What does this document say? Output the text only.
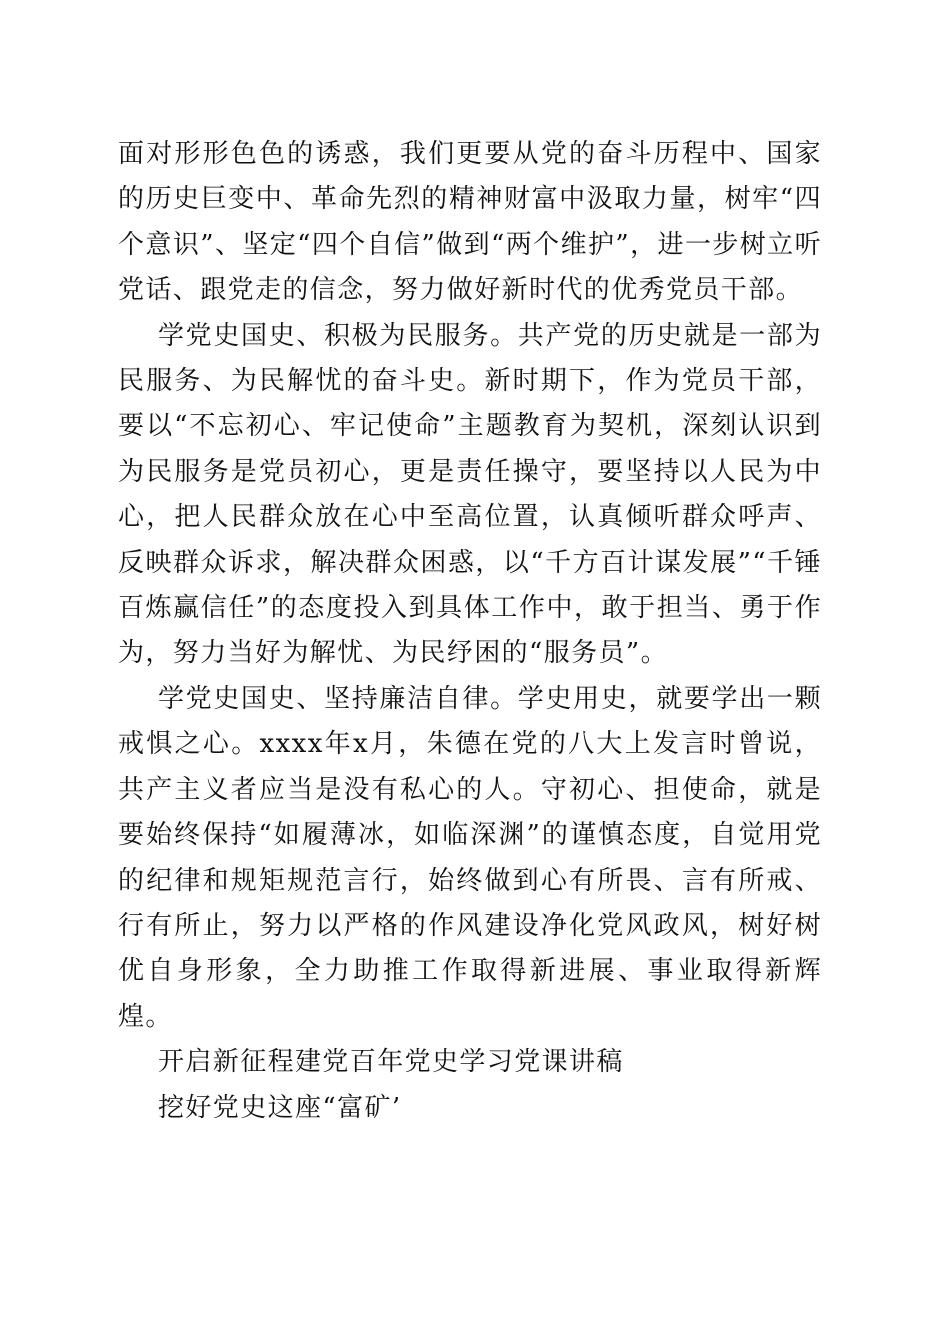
面对形形色色的诱惑，我们更要从党的奋斗历程中、国家的历史巨变中、革命先烈的精神财富中汲取力量，树牢“四个意识”、坚定“四个自信”做到“两个维护”，进一步树立听党话、跟党走的信念，努力做好新时代的优秀党员干部。

学党史国史、积极为民服务。共产党的历史就是一部为民服务、为民解忧的奋斗史。新时期下，作为党员干部，要以“不忘初心、牢记使命”主题教育为契机，深刻认识到为民服务是党员初心，更是责任操守，要坚持以人民为中心，把人民群众放在心中至高位置，认真倾听群众呼声、反映群众诉求，解决群众困惑，以“千方百计谋发展”“千锤百炼赢信任”的态度投入到具体工作中，敢于担当、勇于作为，努力当好为解忧、为民纾困的“服务员”。

学党史国史、坚持廉洁自律。学史用史，就要学出一颗戒惧之心。xxxx年x月，朱德在党的八大上发言时曾说，共产主义者应当是没有私心的人。守初心、担使命，就是要始终保持“如履薄冰，如临深渊”的谨慎态度，自觉用党的纪律和规矩规范言行，始终做到心有所畏、言有所戒、行有所止，努力以严格的作风建设净化党风政风，树好树优自身形象，全力助推工作取得新进展、事业取得新辉煌。

开启新征程建党百年党史学习党课讲稿

挖好党史这座“富矿’
